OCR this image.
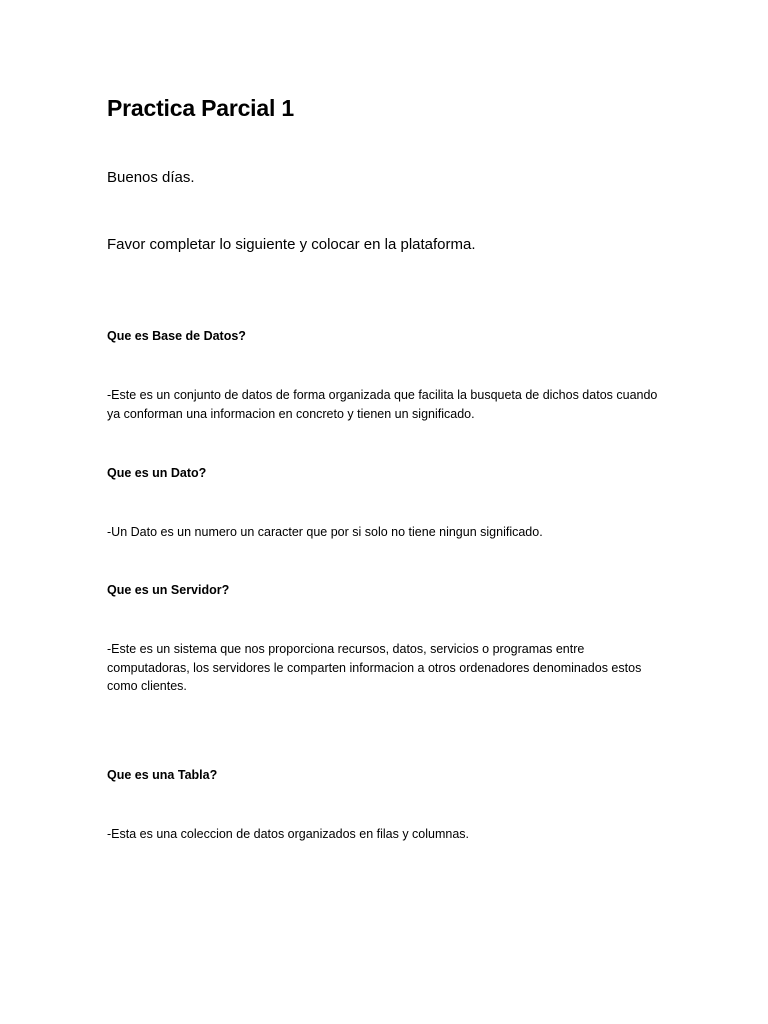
Practica Parcial 1

Buenos días.

Favor completar lo siguiente y colocar en la plataforma.

Que es Base de Datos?

-Este es un conjunto de datos de forma organizada que facilita la busqueta de dichos datos cuando
ya conforman una informacion en concreto y tienen un significado.

Que es un Dato?

-Un Dato es un numero un caracter que por si solo no tiene ningun significado.

Que es un Servidor?

-Este es un sistema que nos proporciona recursos, datos, servicios o programas entre
computadoras, los servidores le comparten informacion a otros ordenadores denominados estos
como clientes.

Que es una Tabla?

-Esta es una coleccion de datos organizados en filas y columnas.
